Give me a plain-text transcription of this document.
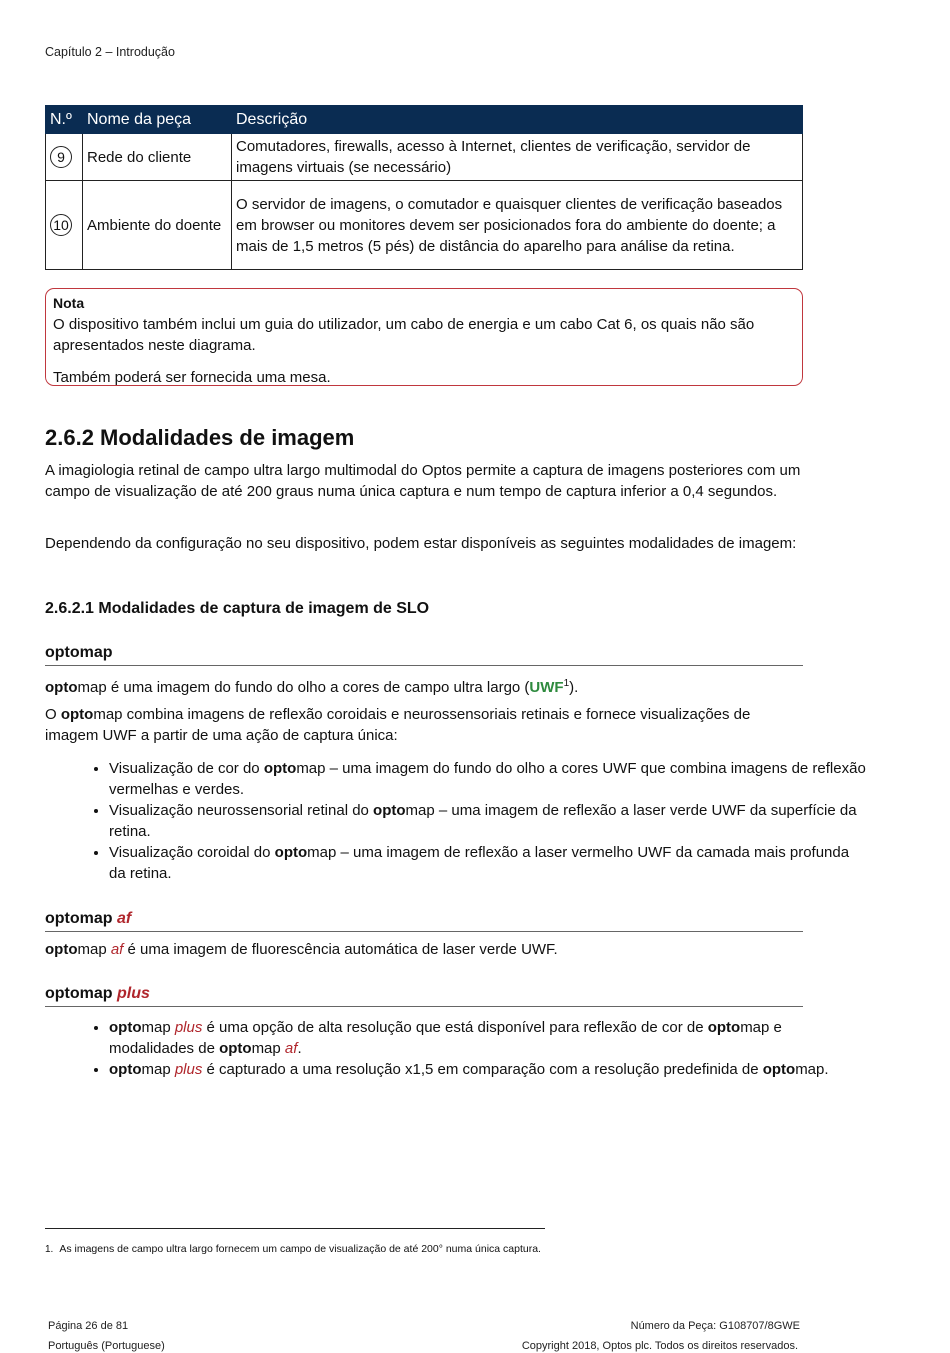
Capítulo 2 – Introdução
N.º	Nome da peça	Descrição
9	Rede do cliente	Comutadores, firewalls, acesso à Internet, clientes de verificação, servidor de imagens virtuais (se necessário)
10	Ambiente do doente	O servidor de imagens, o comutador e quaisquer clientes de verificação baseados em browser ou monitores devem ser posicionados fora do ambiente do doente; a mais de 1,5 metros (5 pés) de distância do aparelho para análise da retina.
Nota

O dispositivo também inclui um guia do utilizador, um cabo de energia e um cabo Cat 6, os quais não são apresentados neste diagrama.

Também poderá ser fornecida uma mesa.

2.6.2 Modalidades de imagem

A imagiologia retinal de campo ultra largo multimodal do Optos permite a captura de imagens posteriores com um campo de visualização de até 200 graus numa única captura e num tempo de captura inferior a 0,4 segundos.

Dependendo da configuração no seu dispositivo, podem estar disponíveis as seguintes modalidades de imagem:

2.6.2.1 Modalidades de captura de imagem de SLO
optomap

optomap é uma imagem do fundo do olho a cores de campo ultra largo (UWF$^1$).

O optomap combina imagens de reflexão coroidais e neurossensoriais retinais e fornece visualizações de imagem UWF a partir de uma ação de captura única:

• Visualização de cor do optomap – uma imagem do fundo do olho a cores UWF que combina imagens de reflexão vermelhas e verdes.
• Visualização neurossensorial retinal do optomap – uma imagem de reflexão a laser verde UWF da superfície da retina.
• Visualização coroidal do optomap – uma imagem de reflexão a laser vermelho UWF da camada mais profunda da retina.
optomap af

optomap af é uma imagem de fluorescência automática de laser verde UWF.

optomap plus
• optomap plus é uma opção de alta resolução que está disponível para reflexão de cor de optomap e modalidades de optomap af.
• optomap plus é capturado a uma resolução x1,5 em comparação com a resolução predefinida de optomap.
1. As imagens de campo ultra largo fornecem um campo de visualização de até 200° numa única captura.
Página 26 de 81
Português (Portuguese)
Número da Peça: G108707/8GWE
Copyright 2018, Optos plc. Todos os direitos reservados.
